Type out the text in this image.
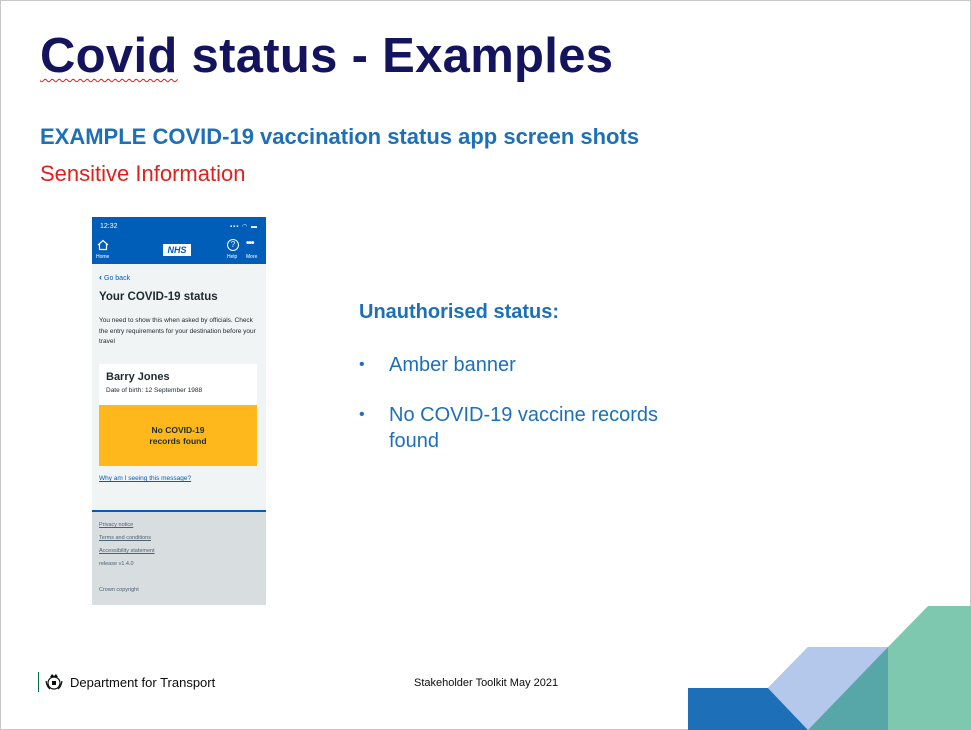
Covid status - Examples
EXAMPLE COVID-19 vaccination status app screen shots
Sensitive Information
12:32	▪▪▪ ◠ ▬
Home
NHS
?
Help
•••
More
‹ Go back
Your COVID-19 status
You need to show this when asked by officials. Check the entry requirements for your destination before your travel
Barry Jones
Date of birth: 12 September 1988
No COVID-19 records found
Why am I seeing this message?
Privacy notice
Terms and conditions
Accessibility statement
release v1.4.0
Crown copyright
Unauthorised status:
• Amber banner
• No COVID-19 vaccine records found
Department for Transport	Stakeholder Toolkit May 2021
